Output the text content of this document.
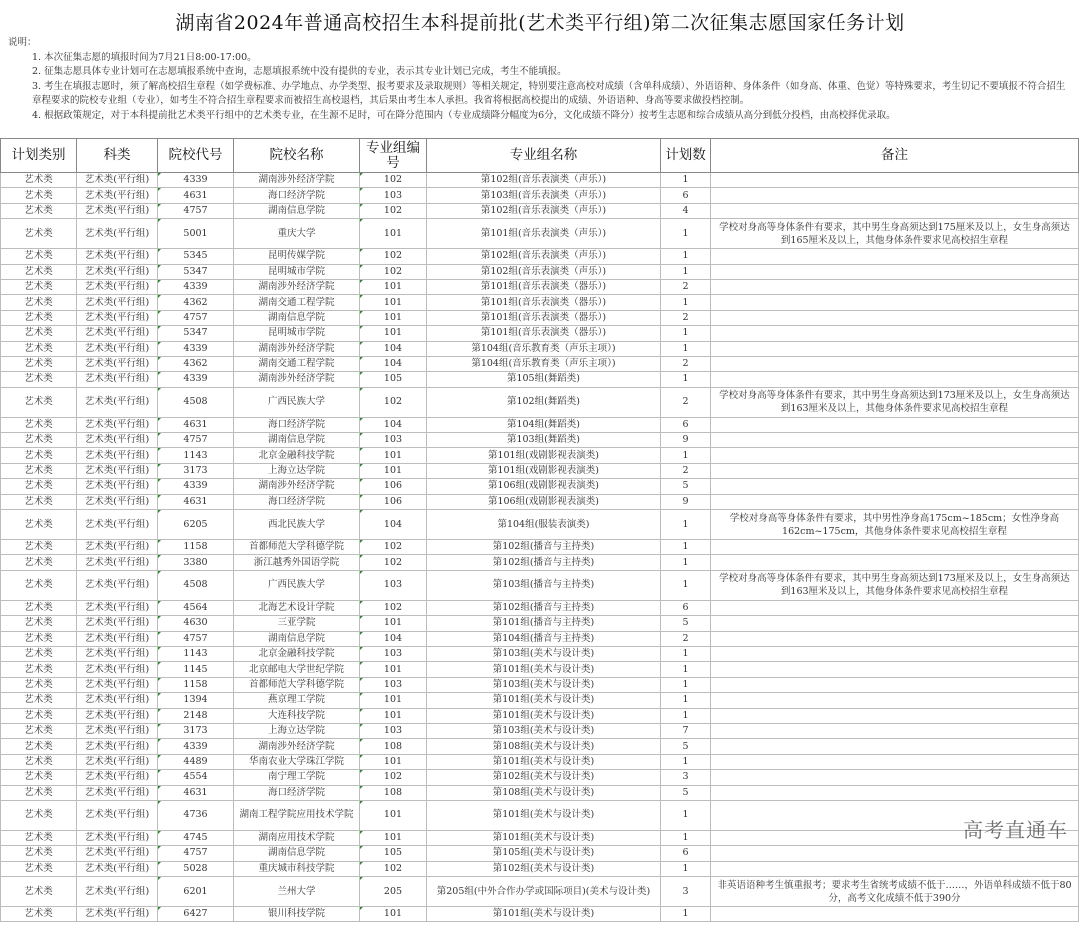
湖南省2024年普通高校招生本科提前批(艺术类平行组)第二次征集志愿国家任务计划
说明：
1. 本次征集志愿的填报时间为7月21日8:00-17:00。
2. 征集志愿具体专业计划可在志愿填报系统中查询，志愿填报系统中没有提供的专业，表示其专业计划已完成，考生不能填报。
3. 考生在填报志愿时，须了解高校招生章程（如学费标准、办学地点、办学类型、报考要求及录取规则）等相关规定，特别要注意高校对成绩（含单科成绩）、外语语种、身体条件（如身高、体重、色觉）等特殊要求，考生切记不要填报不符合招生章程要求的院校专业组（专业），如考生不符合招生章程要求而被招生高校退档，其后果由考生本人承担。我省将根据高校提出的成绩、外语语种、身高等要求做投档控制。
4. 根据政策规定，对于本科提前批艺术类平行组中的艺术类专业，在生源不足时，可在降分范围内（专业成绩降分幅度为6分，文化成绩不降分）按考生志愿和综合成绩从高分到低分投档，由高校择优录取。
计划类别	科类	院校代号	院校名称	专业组编号	专业组名称	计划数	备注
艺术类	艺术类(平行组)	4339	湖南涉外经济学院	102	第102组(音乐表演类（声乐）)	1	
艺术类	艺术类(平行组)	4631	海口经济学院	103	第103组(音乐表演类（声乐）)	6	
艺术类	艺术类(平行组)	4757	湖南信息学院	102	第102组(音乐表演类（声乐）)	4	
艺术类	艺术类(平行组)	5001	重庆大学	101	第101组(音乐表演类（声乐）)	1	学校对身高等身体条件有要求，其中男生身高须达到175厘米及以上，女生身高须达到165厘米及以上，其他身体条件要求见高校招生章程
艺术类	艺术类(平行组)	5345	昆明传媒学院	102	第102组(音乐表演类（声乐）)	1	
艺术类	艺术类(平行组)	5347	昆明城市学院	102	第102组(音乐表演类（声乐）)	1	
艺术类	艺术类(平行组)	4339	湖南涉外经济学院	101	第101组(音乐表演类（器乐）)	2	
艺术类	艺术类(平行组)	4362	湖南交通工程学院	101	第101组(音乐表演类（器乐）)	1	
艺术类	艺术类(平行组)	4757	湖南信息学院	101	第101组(音乐表演类（器乐）)	2	
艺术类	艺术类(平行组)	5347	昆明城市学院	101	第101组(音乐表演类（器乐）)	1	
艺术类	艺术类(平行组)	4339	湖南涉外经济学院	104	第104组(音乐教育类（声乐主项）)	1	
艺术类	艺术类(平行组)	4362	湖南交通工程学院	104	第104组(音乐教育类（声乐主项）)	2	
艺术类	艺术类(平行组)	4339	湖南涉外经济学院	105	第105组(舞蹈类)	1	
艺术类	艺术类(平行组)	4508	广西民族大学	102	第102组(舞蹈类)	2	学校对身高等身体条件有要求，其中男生身高须达到173厘米及以上，女生身高须达到163厘米及以上，其他身体条件要求见高校招生章程
艺术类	艺术类(平行组)	4631	海口经济学院	104	第104组(舞蹈类)	6	
艺术类	艺术类(平行组)	4757	湖南信息学院	103	第103组(舞蹈类)	9	
艺术类	艺术类(平行组)	1143	北京金融科技学院	101	第101组(戏剧影视表演类)	1	
艺术类	艺术类(平行组)	3173	上海立达学院	101	第101组(戏剧影视表演类)	2	
艺术类	艺术类(平行组)	4339	湖南涉外经济学院	106	第106组(戏剧影视表演类)	5	
艺术类	艺术类(平行组)	4631	海口经济学院	106	第106组(戏剧影视表演类)	9	
艺术类	艺术类(平行组)	6205	西北民族大学	104	第104组(服装表演类)	1	学校对身高等身体条件有要求，其中男性净身高175cm~185cm；女性净身高162cm~175cm，其他身体条件要求见高校招生章程
艺术类	艺术类(平行组)	1158	首都师范大学科德学院	102	第102组(播音与主持类)	1	
艺术类	艺术类(平行组)	3380	浙江越秀外国语学院	102	第102组(播音与主持类)	1	
艺术类	艺术类(平行组)	4508	广西民族大学	103	第103组(播音与主持类)	1	学校对身高等身体条件有要求，其中男生身高须达到173厘米及以上，女生身高须达到163厘米及以上，其他身体条件要求见高校招生章程
艺术类	艺术类(平行组)	4564	北海艺术设计学院	102	第102组(播音与主持类)	6	
艺术类	艺术类(平行组)	4630	三亚学院	101	第101组(播音与主持类)	5	
艺术类	艺术类(平行组)	4757	湖南信息学院	104	第104组(播音与主持类)	2	
艺术类	艺术类(平行组)	1143	北京金融科技学院	103	第103组(美术与设计类)	1	
艺术类	艺术类(平行组)	1145	北京邮电大学世纪学院	101	第101组(美术与设计类)	1	
艺术类	艺术类(平行组)	1158	首都师范大学科德学院	103	第103组(美术与设计类)	1	
艺术类	艺术类(平行组)	1394	燕京理工学院	101	第101组(美术与设计类)	1	
艺术类	艺术类(平行组)	2148	大连科技学院	101	第101组(美术与设计类)	1	
艺术类	艺术类(平行组)	3173	上海立达学院	103	第103组(美术与设计类)	7	
艺术类	艺术类(平行组)	4339	湖南涉外经济学院	108	第108组(美术与设计类)	5	
艺术类	艺术类(平行组)	4489	华南农业大学珠江学院	101	第101组(美术与设计类)	1	
艺术类	艺术类(平行组)	4554	南宁理工学院	102	第102组(美术与设计类)	3	
艺术类	艺术类(平行组)	4631	海口经济学院	108	第108组(美术与设计类)	5	
艺术类	艺术类(平行组)	4736	湖南工程学院应用技术学院	101	第101组(美术与设计类)	1	
艺术类	艺术类(平行组)	4745	湖南应用技术学院	101	第101组(美术与设计类)	1	高考直通车

艺术类	艺术类(平行组)	4757	湖南信息学院	105	第105组(美术与设计类)	6	
艺术类	艺术类(平行组)	5028	重庆城市科技学院	102	第102组(美术与设计类)	1	
艺术类	艺术类(平行组)	6201	兰州大学	205	第205组(中外合作办学或国际项目)(美术与设计类)	3	非英语语种考生慎重报考；要求考生省统考成绩不低于……，外语单科成绩不低于80分，高考文化成绩不低于390分
艺术类	艺术类(平行组)	6427	银川科技学院	101	第101组(美术与设计类)	1	
